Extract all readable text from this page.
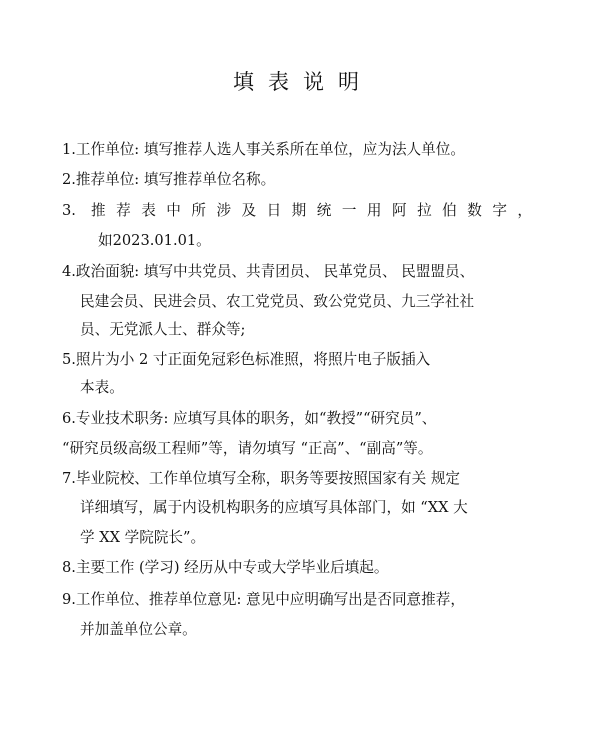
填表说明
1.工作单位: 填写推荐人选人事关系所在单位，应为法人单位。
2.推荐单位: 填写推荐单位名称。
3. 推荐表中所涉及日期统一用阿拉伯数字，
如2023.01.01。
4.政治面貌: 填写中共党员、共青团员、 民革党员、 民盟盟员、
民建会员、民进会员、农工党党员、致公党党员、九三学社社
员、无党派人士、群众等;
5.照片为小 2 寸正面免冠彩色标准照，将照片电子版插入
本表。
6.专业技术职务: 应填写具体的职务，如“教授”“研究员”、
“研究员级高级工程师”等，请勿填写 “正高”、“副高”等。
7.毕业院校、工作单位填写全称，职务等要按照国家有关 规定
详细填写，属于内设机构职务的应填写具体部门，如 “XX 大
学 XX 学院院长”。
8.主要工作 (学习) 经历从中专或大学毕业后填起。
9.工作单位、推荐单位意见: 意见中应明确写出是否同意推荐，
并加盖单位公章。
